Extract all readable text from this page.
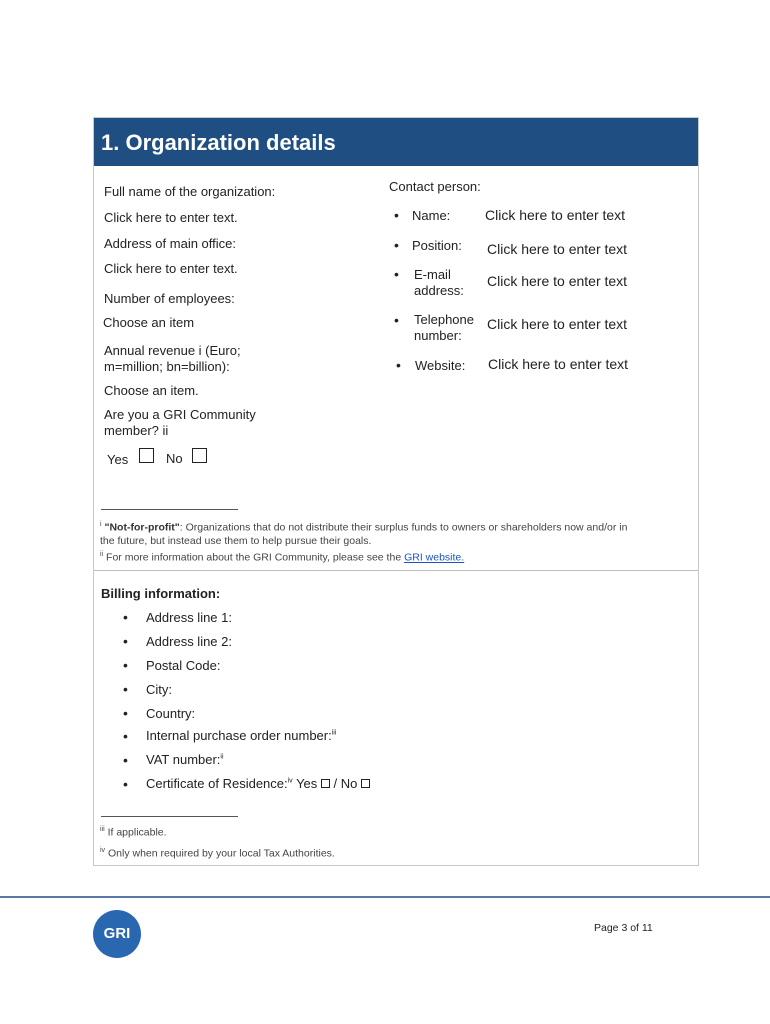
1. Organization details
Full name of the organization:
Click here to enter text.
Address of main office:
Click here to enter text.
Number of employees:
Choose an item
Annual revenue i (Euro;
m=million; bn=billion):
Choose an item.
Are you a GRI Community
member? ii
Yes	No
Contact person:
• Name: Click here to enter text
• Position: Click here to enter text
• E-mail
address:
Click here to enter text
• Telephone
number:
Click here to enter text
• Website: Click here to enter text
$^i$ "Not-for-profit": Organizations that do not distribute their surplus funds to owners or shareholders now and/or in
the future, but instead use them to help pursue their goals.
$^{ii}$ For more information about the GRI Community, please see the GRI website.
Billing information:
• Address line 1:
• Address line 2:
• Postal Code:
• City:
• Country:
• Internal purchase order number:$^{iii}$
• VAT number:$^{ii}$
• Certificate of Residence:$^{iv}$ Yes / No
$^{iii}$ If applicable.
$^{iv}$ Only when required by your local Tax Authorities.
GRI	Page 3 of 11
